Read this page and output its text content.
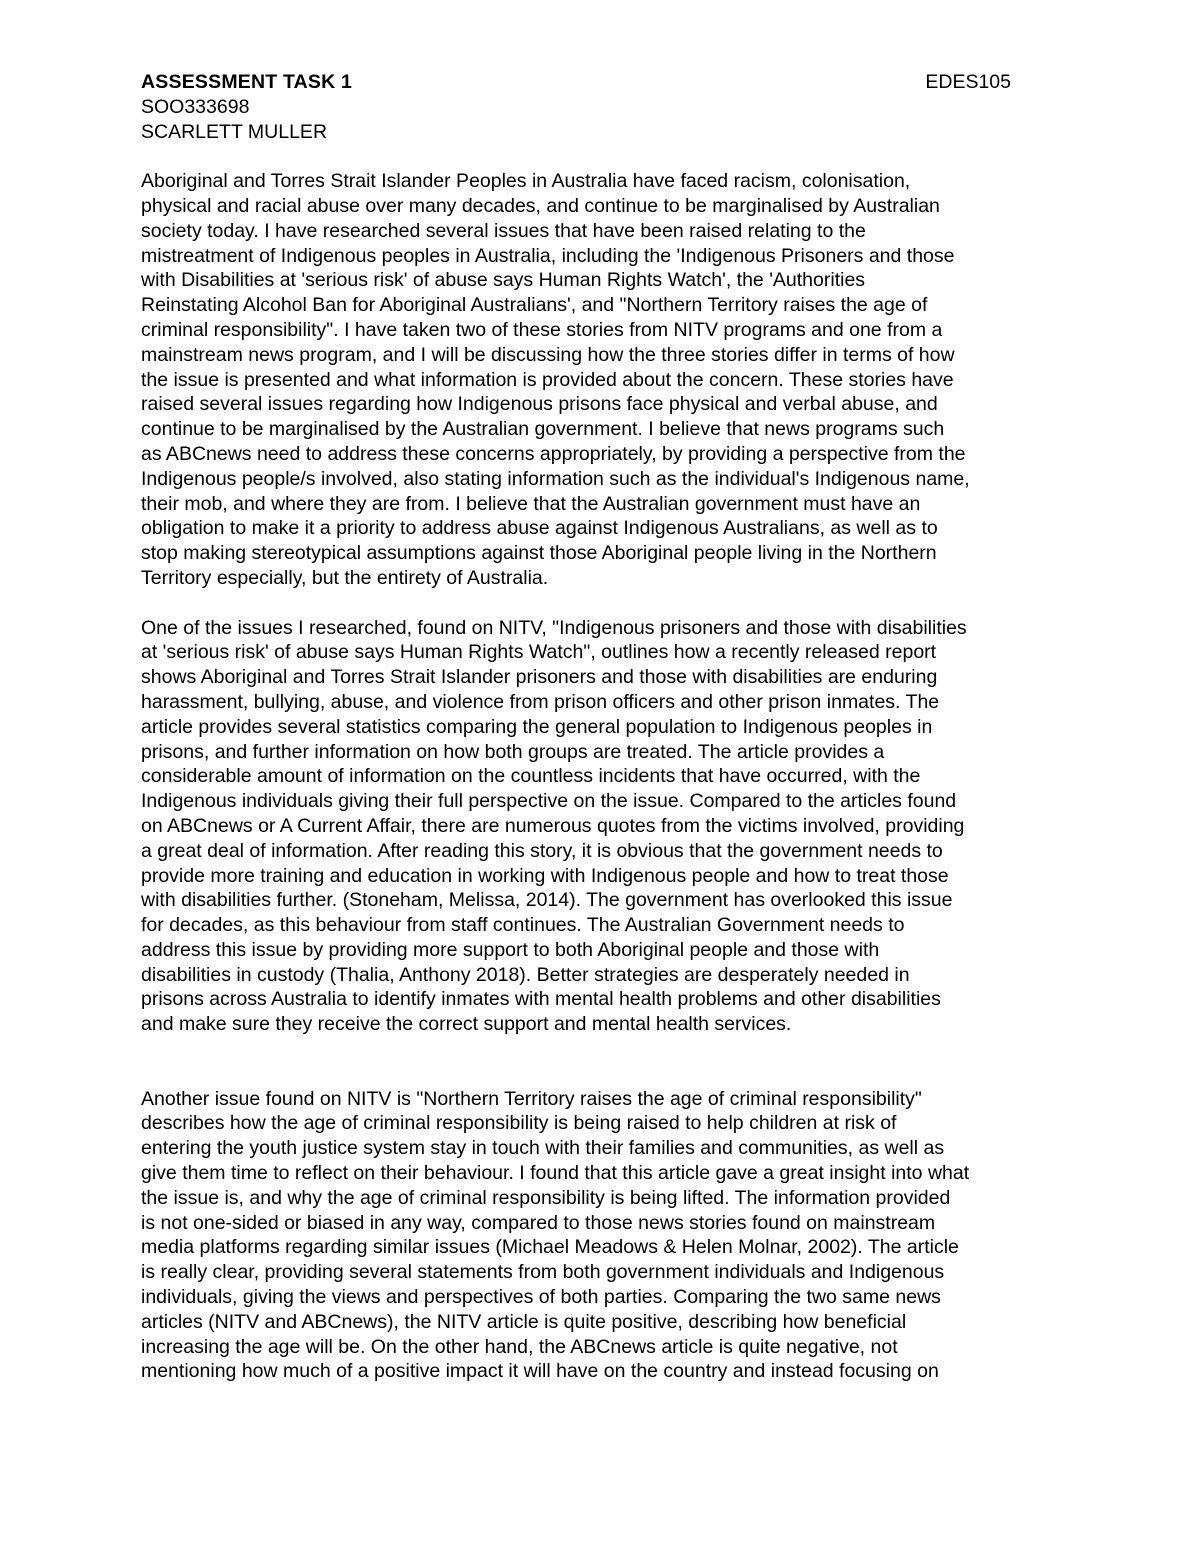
ASSESSMENT TASK 1	EDES105

SOO333698

SCARLETT MULLER

Aboriginal and Torres Strait Islander Peoples in Australia have faced racism, colonisation,
physical and racial abuse over many decades, and continue to be marginalised by Australian
society today. I have researched several issues that have been raised relating to the
mistreatment of Indigenous peoples in Australia, including the 'Indigenous Prisoners and those
with Disabilities at 'serious risk' of abuse says Human Rights Watch', the 'Authorities
Reinstating Alcohol Ban for Aboriginal Australians', and "Northern Territory raises the age of
criminal responsibility". I have taken two of these stories from NITV programs and one from a
mainstream news program, and I will be discussing how the three stories differ in terms of how
the issue is presented and what information is provided about the concern. These stories have
raised several issues regarding how Indigenous prisons face physical and verbal abuse, and
continue to be marginalised by the Australian government. I believe that news programs such
as ABCnews need to address these concerns appropriately, by providing a perspective from the
Indigenous people/s involved, also stating information such as the individual's Indigenous name,
their mob, and where they are from. I believe that the Australian government must have an
obligation to make it a priority to address abuse against Indigenous Australians, as well as to
stop making stereotypical assumptions against those Aboriginal people living in the Northern
Territory especially, but the entirety of Australia.

One of the issues I researched, found on NITV, "Indigenous prisoners and those with disabilities
at 'serious risk' of abuse says Human Rights Watch", outlines how a recently released report
shows Aboriginal and Torres Strait Islander prisoners and those with disabilities are enduring
harassment, bullying, abuse, and violence from prison officers and other prison inmates. The
article provides several statistics comparing the general population to Indigenous peoples in
prisons, and further information on how both groups are treated. The article provides a
considerable amount of information on the countless incidents that have occurred, with the
Indigenous individuals giving their full perspective on the issue. Compared to the articles found
on ABCnews or A Current Affair, there are numerous quotes from the victims involved, providing
a great deal of information. After reading this story, it is obvious that the government needs to
provide more training and education in working with Indigenous people and how to treat those
with disabilities further. (Stoneham, Melissa, 2014). The government has overlooked this issue
for decades, as this behaviour from staff continues. The Australian Government needs to
address this issue by providing more support to both Aboriginal people and those with
disabilities in custody (Thalia, Anthony 2018). Better strategies are desperately needed in
prisons across Australia to identify inmates with mental health problems and other disabilities
and make sure they receive the correct support and mental health services.

Another issue found on NITV is "Northern Territory raises the age of criminal responsibility"
describes how the age of criminal responsibility is being raised to help children at risk of
entering the youth justice system stay in touch with their families and communities, as well as
give them time to reflect on their behaviour. I found that this article gave a great insight into what
the issue is, and why the age of criminal responsibility is being lifted. The information provided
is not one-sided or biased in any way, compared to those news stories found on mainstream
media platforms regarding similar issues (Michael Meadows & Helen Molnar, 2002). The article
is really clear, providing several statements from both government individuals and Indigenous
individuals, giving the views and perspectives of both parties. Comparing the two same news
articles (NITV and ABCnews), the NITV article is quite positive, describing how beneficial
increasing the age will be. On the other hand, the ABCnews article is quite negative, not
mentioning how much of a positive impact it will have on the country and instead focusing on
